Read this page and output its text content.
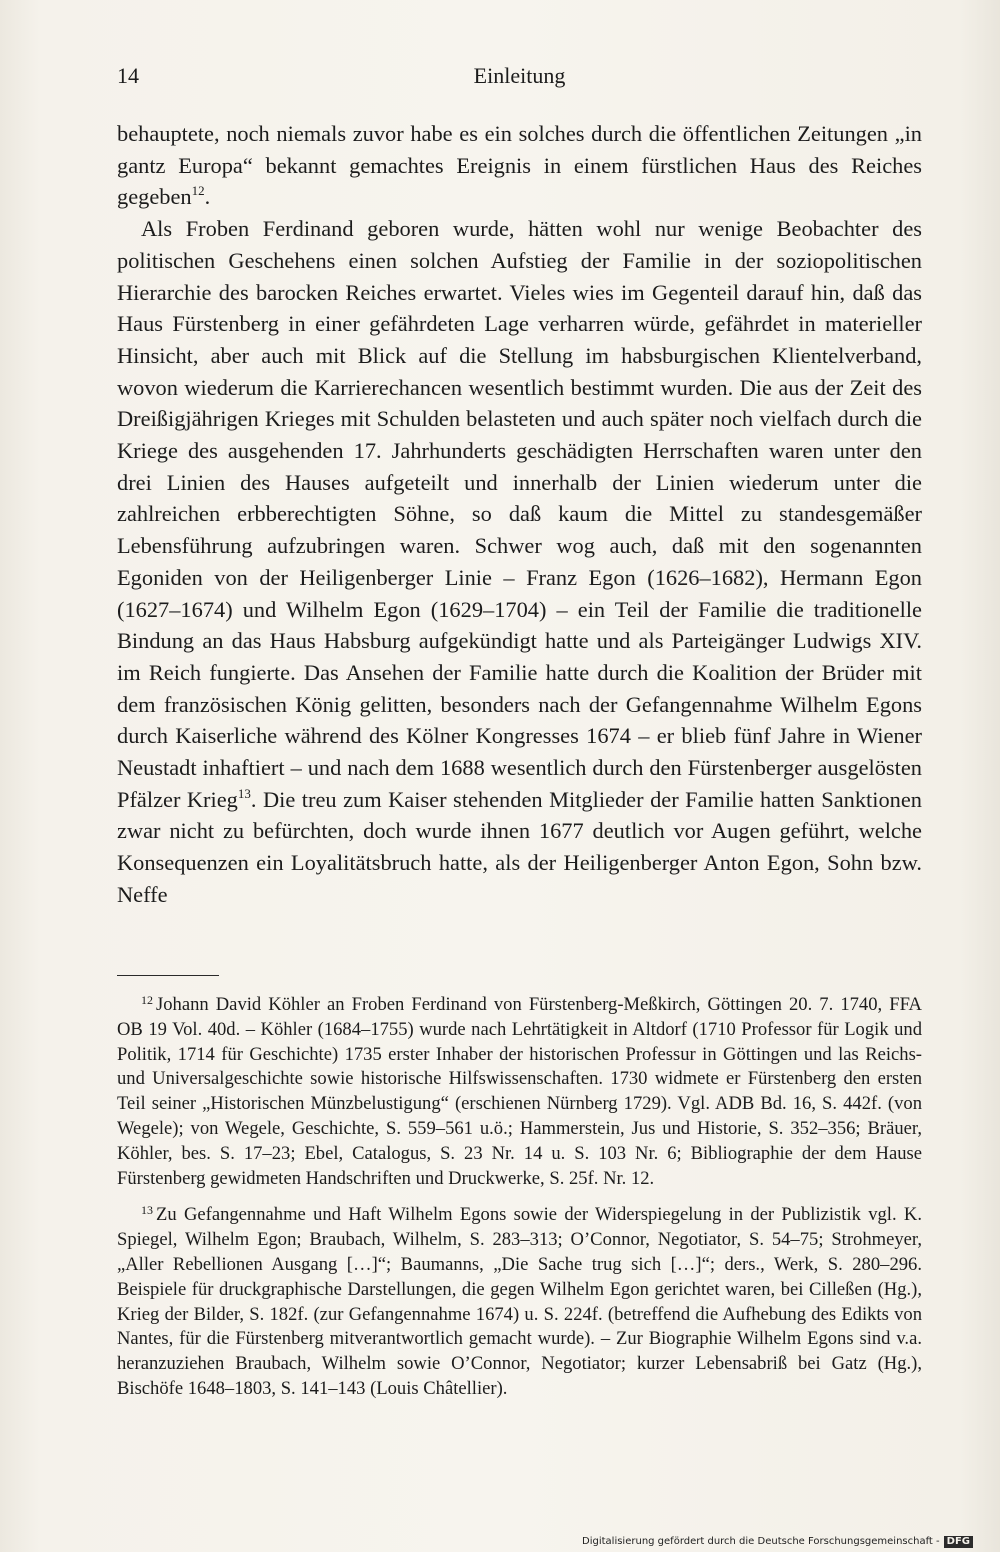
14	Einleitung

behauptete, noch niemals zuvor habe es ein solches durch die öffentlichen Zeitungen „in gantz Europa“ bekannt gemachtes Ereignis in einem fürstlichen Haus des Reiches gegeben$^{12}$.

Als Froben Ferdinand geboren wurde, hätten wohl nur wenige Beobachter des politischen Geschehens einen solchen Aufstieg der Familie in der soziopolitischen Hierarchie des barocken Reiches erwartet. Vieles wies im Gegenteil darauf hin, daß das Haus Fürstenberg in einer gefährdeten Lage verharren würde, gefährdet in materieller Hinsicht, aber auch mit Blick auf die Stellung im habsburgischen Klientelverband, wovon wiederum die Karrierechancen wesentlich bestimmt wurden. Die aus der Zeit des Dreißigjährigen Krieges mit Schulden belasteten und auch später noch vielfach durch die Kriege des ausgehenden 17. Jahrhunderts geschädigten Herrschaften waren unter den drei Linien des Hauses aufgeteilt und innerhalb der Linien wiederum unter die zahlreichen erbberechtigten Söhne, so daß kaum die Mittel zu standesgemäßer Lebensführung aufzubringen waren. Schwer wog auch, daß mit den sogenannten Egoniden von der Heiligenberger Linie – Franz Egon (1626–1682), Hermann Egon (1627–1674) und Wilhelm Egon (1629–1704) – ein Teil der Familie die traditionelle Bindung an das Haus Habsburg aufgekündigt hatte und als Parteigänger Ludwigs XIV. im Reich fungierte. Das Ansehen der Familie hatte durch die Koalition der Brüder mit dem französischen König gelitten, besonders nach der Gefangennahme Wilhelm Egons durch Kaiserliche während des Kölner Kongresses 1674 – er blieb fünf Jahre in Wiener Neustadt inhaftiert – und nach dem 1688 wesentlich durch den Fürstenberger ausgelösten Pfälzer Krieg$^{13}$. Die treu zum Kaiser stehenden Mitglieder der Familie hatten Sanktionen zwar nicht zu befürchten, doch wurde ihnen 1677 deutlich vor Augen geführt, welche Konsequenzen ein Loyalitätsbruch hatte, als der Heiligenberger Anton Egon, Sohn bzw. Neffe

$^{12}$ Johann David Köhler an Froben Ferdinand von Fürstenberg-Meßkirch, Göttingen 20. 7. 1740, FFA OB 19 Vol. 40d. – Köhler (1684–1755) wurde nach Lehrtätigkeit in Altdorf (1710 Professor für Logik und Politik, 1714 für Geschichte) 1735 erster Inhaber der historischen Professur in Göttingen und las Reichs- und Universalgeschichte sowie historische Hilfswissenschaften. 1730 widmete er Fürstenberg den ersten Teil seiner „Historischen Münzbelustigung“ (erschienen Nürnberg 1729). Vgl. ADB Bd. 16, S. 442f. (von Wegele); von Wegele, Geschichte, S. 559–561 u.ö.; Hammerstein, Jus und Historie, S. 352–356; Bräuer, Köhler, bes. S. 17–23; Ebel, Catalogus, S. 23 Nr. 14 u. S. 103 Nr. 6; Bibliographie der dem Hause Fürstenberg gewidmeten Handschriften und Druckwerke, S. 25f. Nr. 12.

$^{13}$ Zu Gefangennahme und Haft Wilhelm Egons sowie der Widerspiegelung in der Publizistik vgl. K. Spiegel, Wilhelm Egon; Braubach, Wilhelm, S. 283–313; O’Connor, Negotiator, S. 54–75; Strohmeyer, „Aller Rebellionen Ausgang […]“; Baumanns, „Die Sache trug sich […]“; ders., Werk, S. 280–296. Beispiele für druckgraphische Darstellungen, die gegen Wilhelm Egon gerichtet waren, bei Cilleßen (Hg.), Krieg der Bilder, S. 182f. (zur Gefangennahme 1674) u. S. 224f. (betreffend die Aufhebung des Edikts von Nantes, für die Fürstenberg mitverantwortlich gemacht wurde). – Zur Biographie Wilhelm Egons sind v.a. heranzuziehen Braubach, Wilhelm sowie O’Connor, Negotiator; kurzer Lebensabriß bei Gatz (Hg.), Bischöfe 1648–1803, S. 141–143 (Louis Châtellier).

Digitalisierung gefördert durch die Deutsche Forschungsgemeinschaft - DFG
